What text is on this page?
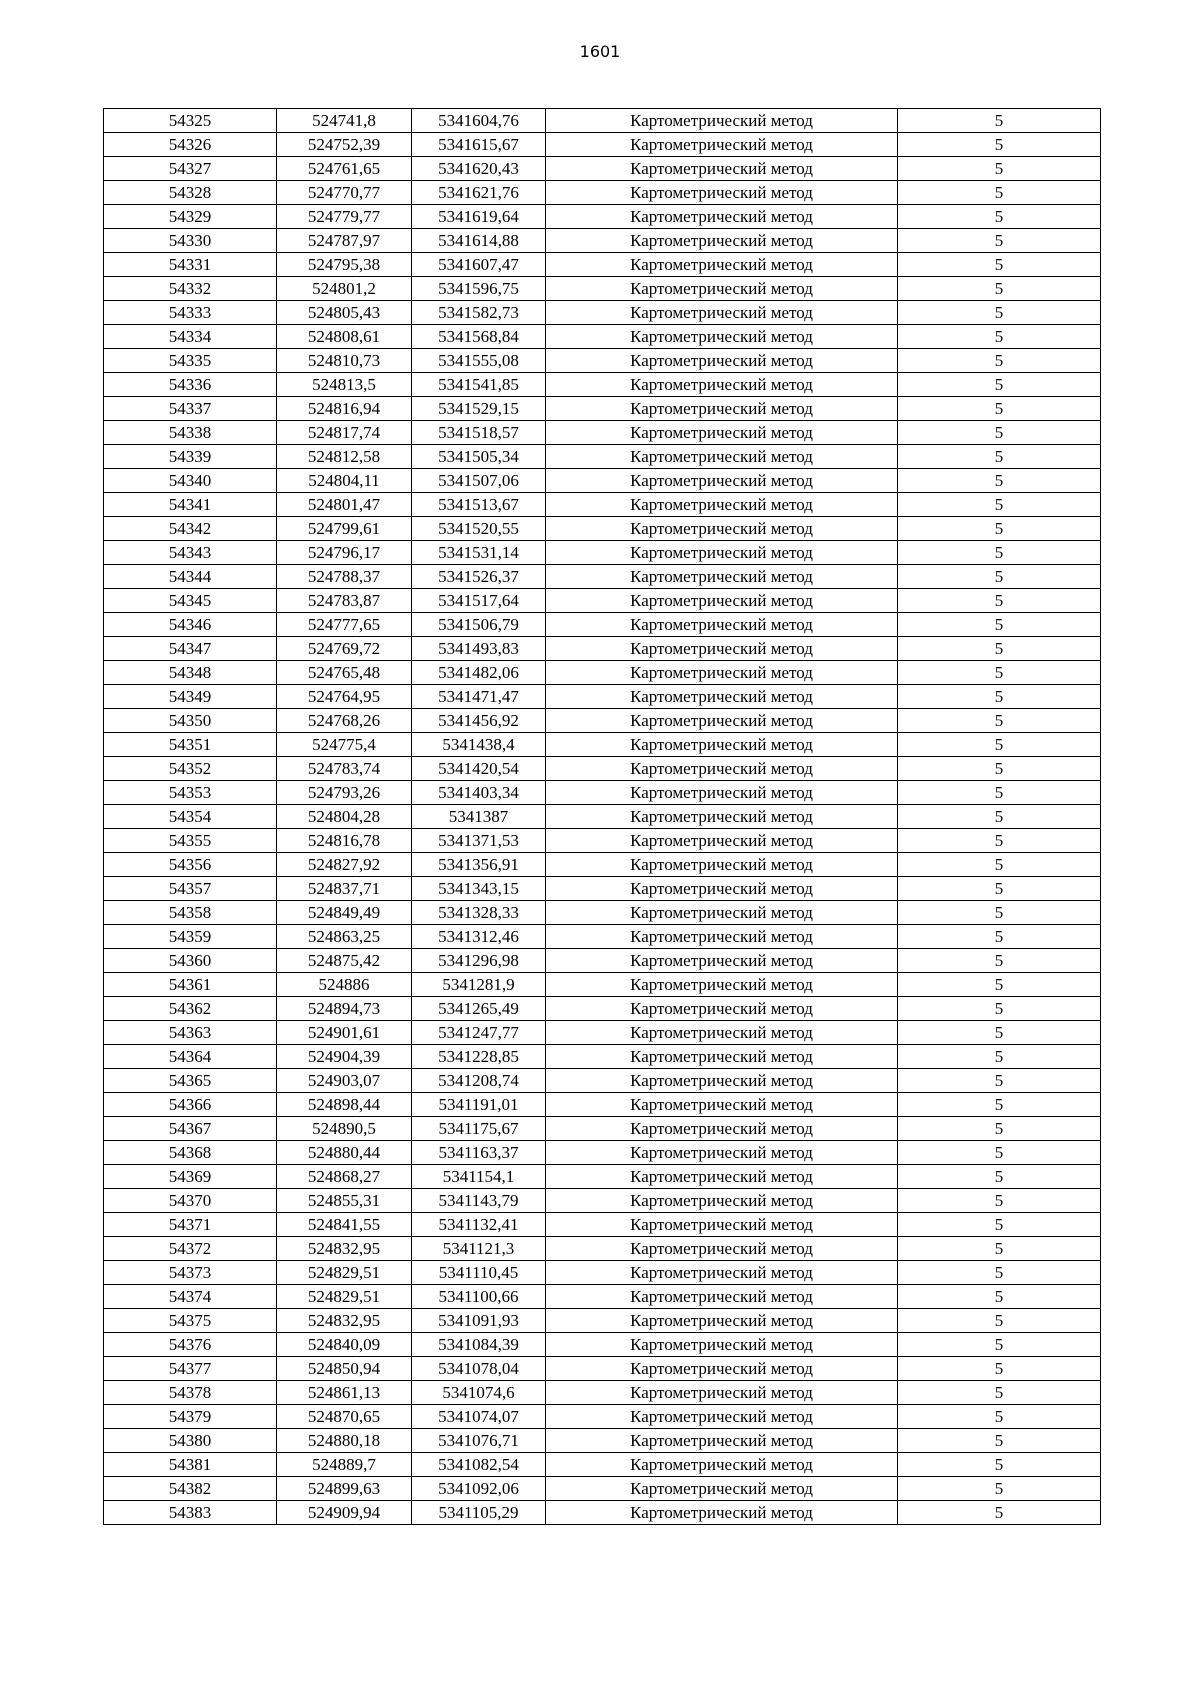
1601
54325	524741,8	5341604,76	Картометрический метод	5
54326	524752,39	5341615,67	Картометрический метод	5
54327	524761,65	5341620,43	Картометрический метод	5
54328	524770,77	5341621,76	Картометрический метод	5
54329	524779,77	5341619,64	Картометрический метод	5
54330	524787,97	5341614,88	Картометрический метод	5
54331	524795,38	5341607,47	Картометрический метод	5
54332	524801,2	5341596,75	Картометрический метод	5
54333	524805,43	5341582,73	Картометрический метод	5
54334	524808,61	5341568,84	Картометрический метод	5
54335	524810,73	5341555,08	Картометрический метод	5
54336	524813,5	5341541,85	Картометрический метод	5
54337	524816,94	5341529,15	Картометрический метод	5
54338	524817,74	5341518,57	Картометрический метод	5
54339	524812,58	5341505,34	Картометрический метод	5
54340	524804,11	5341507,06	Картометрический метод	5
54341	524801,47	5341513,67	Картометрический метод	5
54342	524799,61	5341520,55	Картометрический метод	5
54343	524796,17	5341531,14	Картометрический метод	5
54344	524788,37	5341526,37	Картометрический метод	5
54345	524783,87	5341517,64	Картометрический метод	5
54346	524777,65	5341506,79	Картометрический метод	5
54347	524769,72	5341493,83	Картометрический метод	5
54348	524765,48	5341482,06	Картометрический метод	5
54349	524764,95	5341471,47	Картометрический метод	5
54350	524768,26	5341456,92	Картометрический метод	5
54351	524775,4	5341438,4	Картометрический метод	5
54352	524783,74	5341420,54	Картометрический метод	5
54353	524793,26	5341403,34	Картометрический метод	5
54354	524804,28	5341387	Картометрический метод	5
54355	524816,78	5341371,53	Картометрический метод	5
54356	524827,92	5341356,91	Картометрический метод	5
54357	524837,71	5341343,15	Картометрический метод	5
54358	524849,49	5341328,33	Картометрический метод	5
54359	524863,25	5341312,46	Картометрический метод	5
54360	524875,42	5341296,98	Картометрический метод	5
54361	524886	5341281,9	Картометрический метод	5
54362	524894,73	5341265,49	Картометрический метод	5
54363	524901,61	5341247,77	Картометрический метод	5
54364	524904,39	5341228,85	Картометрический метод	5
54365	524903,07	5341208,74	Картометрический метод	5
54366	524898,44	5341191,01	Картометрический метод	5
54367	524890,5	5341175,67	Картометрический метод	5
54368	524880,44	5341163,37	Картометрический метод	5
54369	524868,27	5341154,1	Картометрический метод	5
54370	524855,31	5341143,79	Картометрический метод	5
54371	524841,55	5341132,41	Картометрический метод	5
54372	524832,95	5341121,3	Картометрический метод	5
54373	524829,51	5341110,45	Картометрический метод	5
54374	524829,51	5341100,66	Картометрический метод	5
54375	524832,95	5341091,93	Картометрический метод	5
54376	524840,09	5341084,39	Картометрический метод	5
54377	524850,94	5341078,04	Картометрический метод	5
54378	524861,13	5341074,6	Картометрический метод	5
54379	524870,65	5341074,07	Картометрический метод	5
54380	524880,18	5341076,71	Картометрический метод	5
54381	524889,7	5341082,54	Картометрический метод	5
54382	524899,63	5341092,06	Картометрический метод	5
54383	524909,94	5341105,29	Картометрический метод	5
